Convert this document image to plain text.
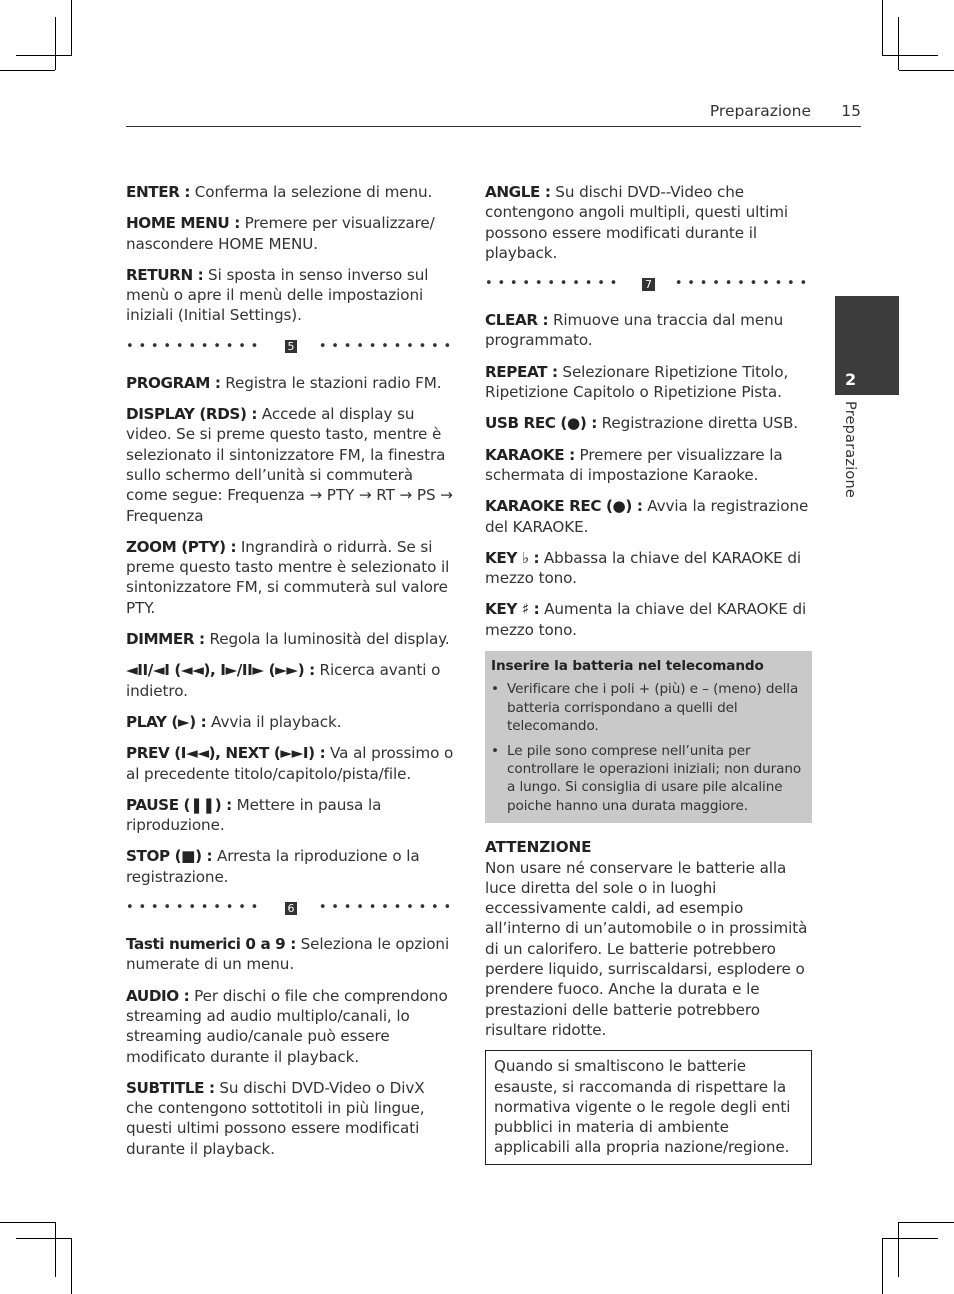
Preparazione 15
2
Preparazione

ENTER : Conferma la selezione di menu.

HOME MENU : Premere per visualizzare/ nascondere HOME MENU.

RETURN : Si sposta in senso inverso sul menù o apre il menù delle impostazioni iniziali (Initial Settings).

••••••••••• 5 •••••••••••

PROGRAM : Registra le stazioni radio FM.

DISPLAY (RDS) : Accede al display su video. Se si preme questo tasto, mentre è selezionato il sintonizzatore FM, la finestra sullo schermo dell’unità si commuterà come segue: Frequenza → PTY → RT → PS → Frequenza

ZOOM (PTY) : Ingrandirà o ridurrà. Se si preme questo tasto mentre è selezionato il sintonizzatore FM, si commuterà sul valore PTY.

DIMMER : Regola la luminosità del display.

◄II/◄I (◄◄), I►/II► (►►) : Ricerca avanti o indietro.

PLAY (►) : Avvia il playback.

PREV (I◄◄), NEXT (►►I) : Va al prossimo o al precedente titolo/capitolo/pista/file.

PAUSE (❚❚) : Mettere in pausa la riproduzione.

STOP (■) : Arresta la riproduzione o la registrazione.

••••••••••• 6 •••••••••••

Tasti numerici 0 a 9 : Seleziona le opzioni numerate di un menu.

AUDIO : Per dischi o file che comprendono streaming ad audio multiplo/canali, lo streaming audio/canale può essere modificato durante il playback.

SUBTITLE : Su dischi DVD-Video o DivX che contengono sottotitoli in più lingue, questi ultimi possono essere modificati durante il playback.

ANGLE : Su dischi DVD--Video che contengono angoli multipli, questi ultimi possono essere modificati durante il playback.

••••••••••• 7 •••••••••••

CLEAR : Rimuove una traccia dal menu programmato.

REPEAT : Selezionare Ripetizione Titolo, Ripetizione Capitolo o Ripetizione Pista.

USB REC (●) : Registrazione diretta USB.

KARAOKE : Premere per visualizzare la schermata di impostazione Karaoke.

KARAOKE REC (●) : Avvia la registrazione del KARAOKE.

KEY ♭ : Abbassa la chiave del KARAOKE di mezzo tono.

KEY ♯ : Aumenta la chiave del KARAOKE di mezzo tono.

Inserire la batteria nel telecomando
• Verificare che i poli + (più) e – (meno) della batteria corrispondano a quelli del telecomando.
• Le pile sono comprese nell’unita per controllare le operazioni iniziali; non durano a lungo. Si consiglia di usare pile alcaline poiche hanno una durata maggiore.
ATTENZIONE
Non usare né conservare le batterie alla luce diretta del sole o in luoghi eccessivamente caldi, ad esempio all’interno di un’automobile o in prossimità di un calorifero. Le batterie potrebbero perdere liquido, surriscaldarsi, esplodere o prendere fuoco. Anche la durata e le prestazioni delle batterie potrebbero risultare ridotte.
Quando si smaltiscono le batterie esauste, si raccomanda di rispettare la normativa vigente o le regole degli enti pubblici in materia di ambiente applicabili alla propria nazione/regione.
